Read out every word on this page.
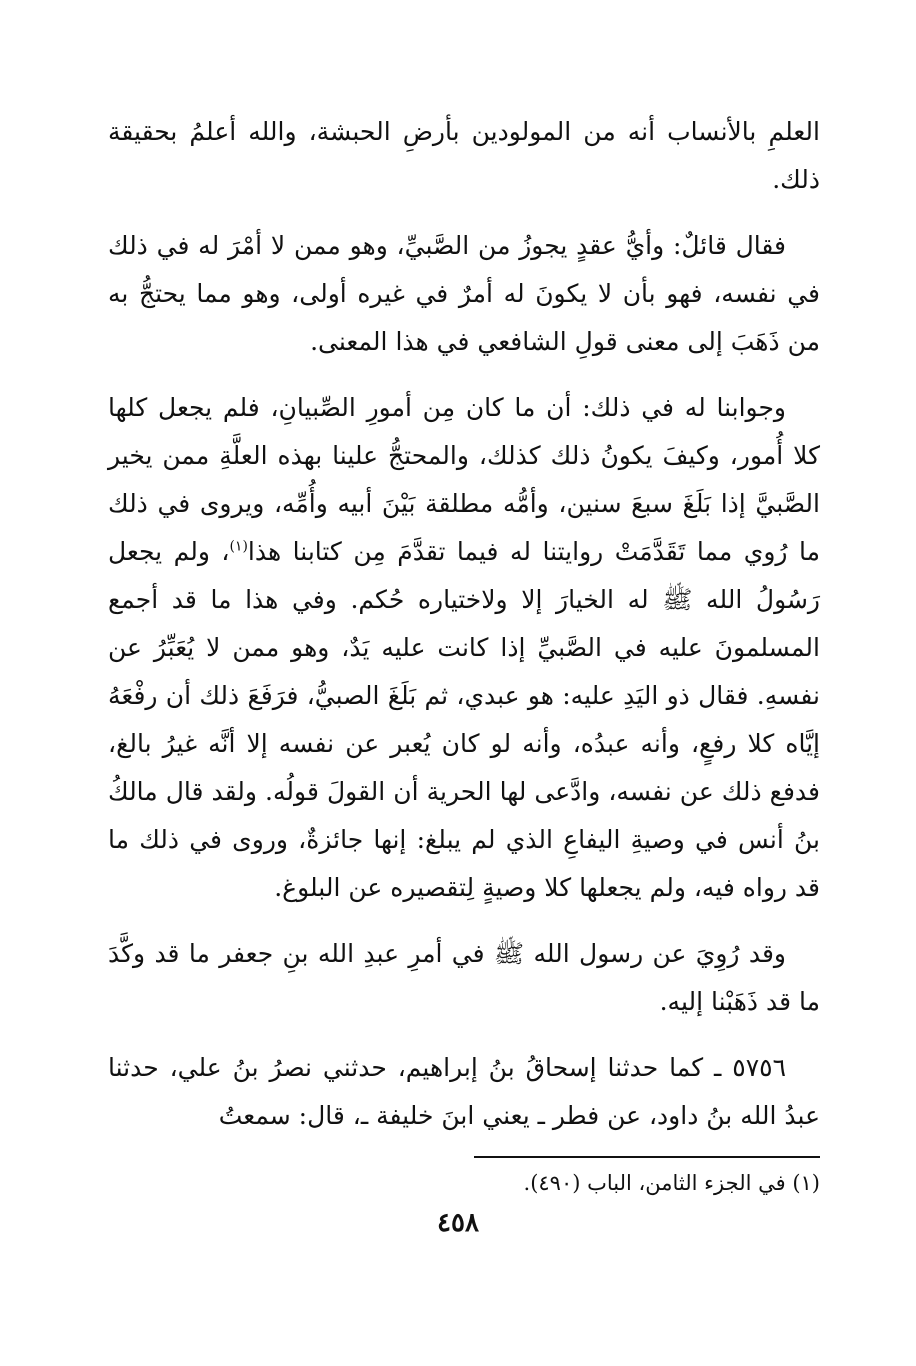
العلمِ بالأنساب أنه من المولودين بأرضِ الحبشة، والله أعلمُ بحقيقة ذلك.

فقال قائلٌ: وأيُّ عقدٍ يجوزُ من الصَّبيِّ، وهو ممن لا أمْرَ له في ذلك في نفسه، فهو بأن لا يكونَ له أمرٌ في غيره أولى، وهو مما يحتجُّ به من ذَهَبَ إلى معنى قولِ الشافعي في هذا المعنى.

وجوابنا له في ذلك: أن ما كان مِن أمورِ الصِّبيانِ، فلم يجعل كلها كلا أُمور، وكيفَ يكونُ ذلك كذلك، والمحتجُّ علينا بهذه العلَّةِ ممن يخير الصَّبيَّ إذا بَلَغَ سبعَ سنين، وأمُّه مطلقة بَيْنَ أبيه وأُمِّه، ويروى في ذلك ما رُوي مما تَقَدَّمَتْ روايتنا له فيما تقدَّمَ مِن كتابنا هذا$^{(١)}$، ولم يجعل رَسُولُ الله ﷺ له الخيارَ إلا ولاختياره حُكم. وفي هذا ما قد أجمع المسلمونَ عليه في الصَّبيِّ إذا كانت عليه يَدٌ، وهو ممن لا يُعَبِّرُ عن نفسهِ. فقال ذو اليَدِ عليه: هو عبدي، ثم بَلَغَ الصبيُّ، فرَفَعَ ذلك أن رفْعَهُ إيَّاه كلا رفعٍ، وأنه عبدُه، وأنه لو كان يُعبر عن نفسه إلا أنَّه غيرُ بالغ، فدفع ذلك عن نفسه، وادَّعى لها الحرية أن القولَ قولُه. ولقد قال مالكُ بنُ أنس في وصيةِ اليفاعِ الذي لم يبلغ: إنها جائزةٌ، وروى في ذلك ما قد رواه فيه، ولم يجعلها كلا وصيةٍ لِتقصيره عن البلوغ.

وقد رُوِيَ عن رسول الله ﷺ في أمرِ عبدِ الله بنِ جعفر ما قد وكَّدَ ما قد ذَهَبْنا إليه.

٥٧٥٦ ـ كما حدثنا إسحاقُ بنُ إبراهيم، حدثني نصرُ بنُ علي، حدثنا عبدُ الله بنُ داود، عن فطر ـ يعني ابنَ خليفة ـ، قال: سمعتُ

(١) في الجزء الثامن، الباب (٤٩٠).
٤٥٨
